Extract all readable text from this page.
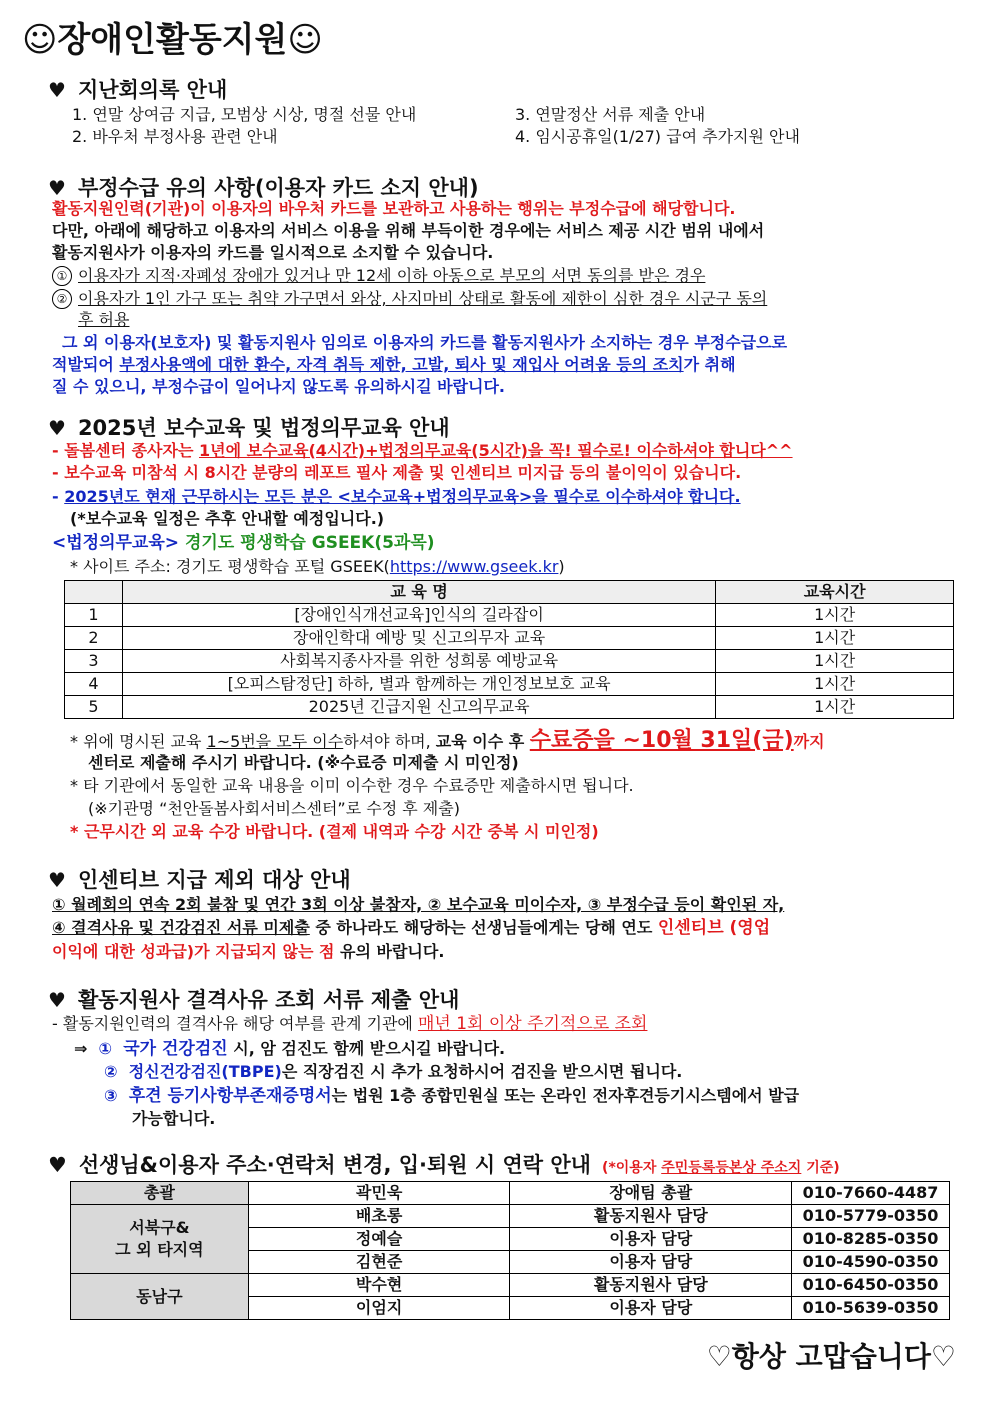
☺장애인활동지원☺
♥ 지난회의록 안내
1. 연말 상여금 지급, 모범상 시상, 명절 선물 안내
2. 바우처 부정사용 관련 안내
3. 연말정산 서류 제출 안내
4. 임시공휴일(1/27) 급여 추가지원 안내
♥ 부정수급 유의 사항(이용자 카드 소지 안내)
활동지원인력(기관)이 이용자의 바우처 카드를 보관하고 사용하는 행위는 부정수급에 해당합니다.
다만, 아래에 해당하고 이용자의 서비스 이용을 위해 부득이한 경우에는 서비스 제공 시간 범위 내에서
활동지원사가 이용자의 카드를 일시적으로 소지할 수 있습니다.
① 이용자가 지적·자폐성 장애가 있거나 만 12세 이하 아동으로 부모의 서면 동의를 받은 경우
② 이용자가 1인 가구 또는 취약 가구면서 와상, 사지마비 상태로 활동에 제한이 심한 경우 시군구 동의
후 허용
그 외 이용자(보호자) 및 활동지원사 임의로 이용자의 카드를 활동지원사가 소지하는 경우 부정수급으로
적발되어 부정사용액에 대한 환수, 자격 취득 제한, 고발, 퇴사 및 재입사 어려움 등의 조치가 취해
질 수 있으니, 부정수급이 일어나지 않도록 유의하시길 바랍니다.
♥ 2025년 보수교육 및 법정의무교육 안내
- 돌봄센터 종사자는 1년에 보수교육(4시간)+법정의무교육(5시간)을 꼭! 필수로! 이수하셔야 합니다^^
- 보수교육 미참석 시 8시간 분량의 레포트 필사 제출 및 인센티브 미지급 등의 불이익이 있습니다.
- 2025년도 현재 근무하시는 모든 분은 <보수교육+법정의무교육>을 필수로 이수하셔야 합니다.
(*보수교육 일정은 추후 안내할 예정입니다.)
<법정의무교육> 경기도 평생학습 GSEEK(5과목)
* 사이트 주소: 경기도 평생학습 포털 GSEEK(https://www.gseek.kr)
	교 육 명	교육시간
1	[장애인식개선교육]인식의 길라잡이	1시간
2	장애인학대 예방 및 신고의무자 교육	1시간
3	사회복지종사자를 위한 성희롱 예방교육	1시간
4	[오피스탐정단] 하하, 별과 함께하는 개인정보보호 교육	1시간
5	2025년 긴급지원 신고의무교육	1시간
* 위에 명시된 교육 1~5번을 모두 이수하셔야 하며, 교육 이수 후 수료증을 ~10월 31일(금)까지
센터로 제출해 주시기 바랍니다. (※수료증 미제출 시 미인정)
* 타 기관에서 동일한 교육 내용을 이미 이수한 경우 수료증만 제출하시면 됩니다.
(※기관명 “천안돌봄사회서비스센터”로 수정 후 제출)
* 근무시간 외 교육 수강 바랍니다. (결제 내역과 수강 시간 중복 시 미인정)
♥ 인센티브 지급 제외 대상 안내
① 월례회의 연속 2회 불참 및 연간 3회 이상 불참자, ② 보수교육 미이수자, ③ 부정수급 등이 확인된 자,
④ 결격사유 및 건강검진 서류 미제출 중 하나라도 해당하는 선생님들에게는 당해 연도 인센티브 (영업
이익에 대한 성과급)가 지급되지 않는 점 유의 바랍니다.
♥ 활동지원사 결격사유 조회 서류 제출 안내
- 활동지원인력의 결격사유 해당 여부를 관계 기관에 매년 1회 이상 주기적으로 조회
⇒ ① 국가 건강검진 시, 암 검진도 함께 받으시길 바랍니다.
② 정신건강검진(TBPE)은 직장검진 시 추가 요청하시어 검진을 받으시면 됩니다.
③ 후견 등기사항부존재증명서는 법원 1층 종합민원실 또는 온라인 전자후견등기시스템에서 발급
가능합니다.
♥ 선생님&이용자 주소·연락처 변경, 입·퇴원 시 연락 안내 (*이용자 주민등록등본상 주소지 기준)
총괄	곽민욱	장애팀 총괄	010-7660-4487

서북구&
그 외 타지역	배초롱	활동지원사 담당	010-5779-0350
	정예슬	이용자 담당	010-8285-0350
	김현준	이용자 담당	010-4590-0350
동남구	박수현	활동지원사 담당	010-6450-0350
	이엄지	이용자 담당	010-5639-0350
♡항상 고맙습니다♡
